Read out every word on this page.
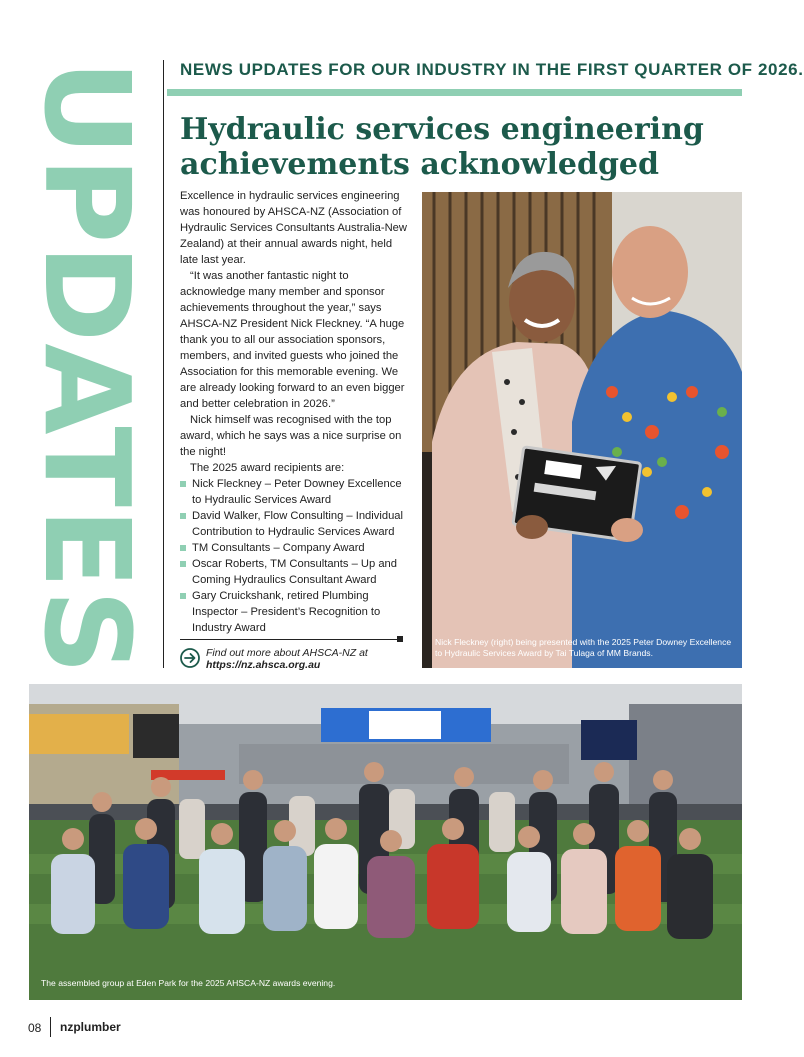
UPDATES NEWS UPDATES FOR OUR INDUSTRY IN THE FIRST QUARTER OF 2026.
Hydraulic services engineering achievements acknowledged

Excellence in hydraulic services engineering was honoured by AHSCA-NZ (Association of Hydraulic Services Consultants Australia-New Zealand) at their annual awards night, held late last year.

“It was another fantastic night to acknowledge many member and sponsor achievements throughout the year,” says AHSCA-NZ President Nick Fleckney. “A huge thank you to all our association sponsors, members, and invited guests who joined the Association for this memorable evening. We are already looking forward to an even bigger and better celebration in 2026.”

Nick himself was recognised with the top award, which he says was a nice surprise on the night!

The 2025 award recipients are:

Nick Fleckney – Peter Downey Excellence to Hydraulic Services Award
David Walker, Flow Consulting – Individual Contribution to Hydraulic Services Award
TM Consultants – Company Award
Oscar Roberts, TM Consultants – Up and Coming Hydraulics Consultant Award
Gary Cruickshank, retired Plumbing Inspector – President’s Recognition to Industry Award
Find out more about AHSCA-NZ at
https://nz.ahsca.org.au
Nick Fleckney (right) being presented with the 2025 Peter Downey Excellence to Hydraulic Services Award by Tai Tulaga of MM Brands.
The assembled group at Eden Park for the 2025 AHSCA-NZ awards evening.
08 nzplumber
